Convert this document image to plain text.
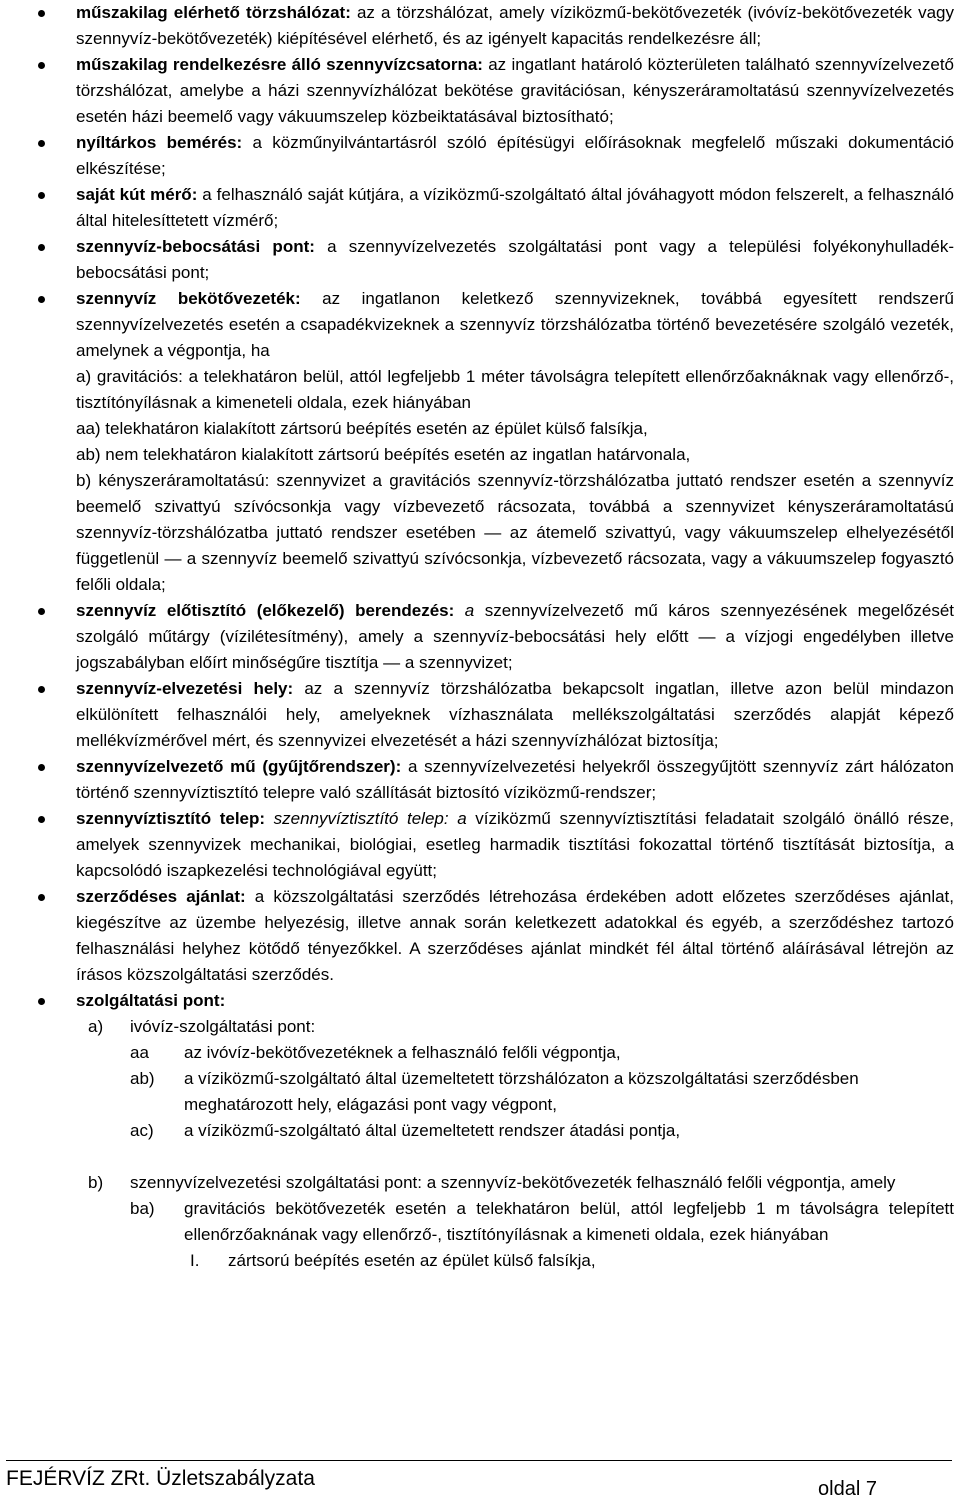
műszakilag elérhető törzshálózat: az a törzshálózat, amely víziközmű-bekötővezeték (ivóvíz-bekötővezeték vagy szennyvíz-bekötővezeték) kiépítésével elérhető, és az igényelt kapacitás rendelkezésre áll;
műszakilag rendelkezésre álló szennyvízcsatorna: az ingatlant határoló közterületen található szennyvízelvezető törzshálózat, amelybe a házi szennyvízhálózat bekötése gravitációsan, kényszeráramoltatású szennyvízelvezetés esetén házi beemelő vagy vákuumszelep közbeiktatásával biztosítható;
nyíltárkos bemérés: a közműnyilvántartásról szóló építésügyi előírásoknak megfelelő műszaki dokumentáció elkészítése;
saját kút mérő: a felhasználó saját kútjára, a víziközmű-szolgáltató által jóváhagyott módon felszerelt, a felhasználó által hitelesíttetett vízmérő;
szennyvíz-bebocsátási pont: a szennyvízelvezetés szolgáltatási pont vagy a települési folyékonyhulladék-bebocsátási pont;
szennyvíz bekötővezeték: az ingatlanon keletkező szennyvizeknek, továbbá egyesített rendszerű szennyvízelvezetés esetén a csapadékvizeknek a szennyvíz törzshálózatba történő bevezetésére szolgáló vezeték, amelynek a végpontja, ha
a) gravitációs: a telekhatáron belül, attól legfeljebb 1 méter távolságra telepített ellenőrzőaknáknak vagy ellenőrző-, tisztítónyílásnak a kimeneteli oldala, ezek hiányában
aa) telekhatáron kialakított zártsorú beépítés esetén az épület külső falsíkja,
ab) nem telekhatáron kialakított zártsorú beépítés esetén az ingatlan határvonala,
b) kényszeráramoltatású: szennyvizet a gravitációs szennyvíz-törzshálózatba juttató rendszer esetén a szennyvíz beemelő szivattyú szívócsonkja vagy vízbevezető rácsozata, továbbá a szennyvizet kényszeráramoltatású szennyvíz-törzshálózatba juttató rendszer esetében — az átemelő szivattyú, vagy vákuumszelep elhelyezésétől függetlenül — a szennyvíz beemelő szivattyú szívócsonkja, vízbevezető rácsozata, vagy a vákuumszelep fogyasztó felőli oldala;
szennyvíz előtisztító (előkezelő) berendezés: a szennyvízelvezető mű káros szennyezésének megelőzését szolgáló műtárgy (vízilétesítmény), amely a szennyvíz-bebocsátási hely előtt — a vízjogi engedélyben illetve jogszabályban előírt minőségűre tisztítja — a szennyvizet;
szennyvíz-elvezetési hely: az a szennyvíz törzshálózatba bekapcsolt ingatlan, illetve azon belül mindazon elkülönített felhasználói hely, amelyeknek vízhasználata mellékszolgáltatási szerződés alapját képező mellékvízmérővel mért, és szennyvizei elvezetését a házi szennyvízhálózat biztosítja;
szennyvízelvezető mű (gyűjtőrendszer): a szennyvízelvezetési helyekről összegyűjtött szennyvíz zárt hálózaton történő szennyvíztisztító telepre való szállítását biztosító víziközmű-rendszer;
szennyvíztisztító telep: szennyvíztisztító telep: a víziközmű szennyvíztisztítási feladatait szolgáló önálló része, amelyek szennyvizek mechanikai, biológiai, esetleg harmadik tisztítási fokozattal történő tisztítását biztosítja, a kapcsolódó iszapkezelési technológiával együtt;
szerződéses ajánlat: a közszolgáltatási szerződés létrehozása érdekében adott előzetes szerződéses ajánlat, kiegészítve az üzembe helyezésig, illetve annak során keletkezett adatokkal és egyéb, a szerződéshez tartozó felhasználási helyhez kötődő tényezőkkel. A szerződéses ajánlat mindkét fél által történő aláírásával létrejön az írásos közszolgáltatási szerződés.
szolgáltatási pont:
a) ivóvíz-szolgáltatási pont:
aa az ivóvíz-bekötővezetéknek a felhasználó felőli végpontja,
ab)	a víziközmű-szolgáltató által üzemeltetett törzshálózaton a közszolgáltatási szerződésben meghatározott hely, elágazási pont vagy végpont,
ac) a víziközmű-szolgáltató által üzemeltetett rendszer átadási pontja,
b)	szennyvízelvezetési szolgáltatási pont: a szennyvíz-bekötővezeték felhasználó felőli végpontja, amely
ba)	gravitációs bekötővezeték esetén a telekhatáron belül, attól legfeljebb 1 m távolságra telepített ellenőrzőaknának vagy ellenőrző-, tisztítónyílásnak a kimeneti oldala, ezek hiányában
I. zártsorú beépítés esetén az épület külső falsíkja,
FEJÉRVÍZ ZRt. Üzletszabályzata	oldal 7
